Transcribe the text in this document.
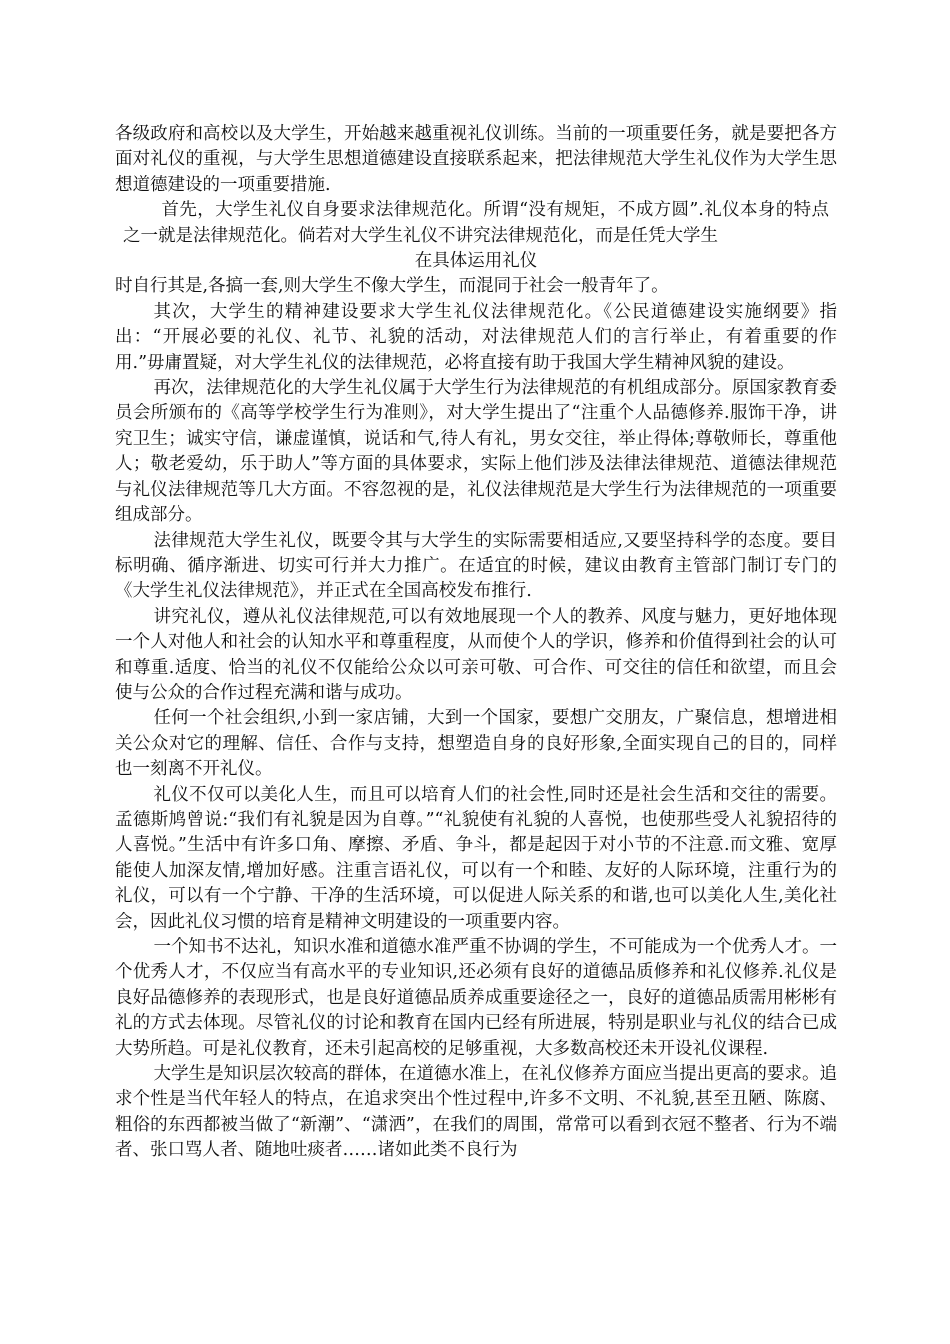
各级政府和高校以及大学生，开始越来越重视礼仪训练。当前的一项重要任务，就是要把各方面对礼仪的重视，与大学生思想道德建设直接联系起来，把法律规范大学生礼仪作为大学生思想道德建设的一项重要措施.

首先，大学生礼仪自身要求法律规范化。所谓“没有规矩，不成方圆”.礼仪本身的特点之一就是法律规范化。倘若对大学生礼仪不讲究法律规范化，而是任凭大学生

在具体运用礼仪

时自行其是,各搞一套,则大学生不像大学生，而混同于社会一般青年了。

其次，大学生的精神建设要求大学生礼仪法律规范化。《公民道德建设实施纲要》指出：“开展必要的礼仪、礼节、礼貌的活动，对法律规范人们的言行举止，有着重要的作用.”毋庸置疑，对大学生礼仪的法律规范，必将直接有助于我国大学生精神风貌的建设。

再次，法律规范化的大学生礼仪属于大学生行为法律规范的有机组成部分。原国家教育委员会所颁布的《高等学校学生行为准则》，对大学生提出了“注重个人品德修养.服饰干净，讲究卫生；诚实守信，谦虚谨慎，说话和气,待人有礼，男女交往，举止得体;尊敬师长，尊重他人；敬老爱幼，乐于助人”等方面的具体要求，实际上他们涉及法律法律规范、道德法律规范与礼仪法律规范等几大方面。不容忽视的是，礼仪法律规范是大学生行为法律规范的一项重要组成部分。

法律规范大学生礼仪，既要令其与大学生的实际需要相适应,又要坚持科学的态度。要目标明确、循序渐进、切实可行并大力推广。在适宜的时候，建议由教育主管部门制订专门的《大学生礼仪法律规范》，并正式在全国高校发布推行.

讲究礼仪，遵从礼仪法律规范,可以有效地展现一个人的教养、风度与魅力，更好地体现一个人对他人和社会的认知水平和尊重程度，从而使个人的学识，修养和价值得到社会的认可和尊重.适度、恰当的礼仪不仅能给公众以可亲可敬、可合作、可交往的信任和欲望，而且会使与公众的合作过程充满和谐与成功。

任何一个社会组织,小到一家店铺，大到一个国家，要想广交朋友，广聚信息，想增进相关公众对它的理解、信任、合作与支持，想塑造自身的良好形象,全面实现自己的目的，同样也一刻离不开礼仪。

礼仪不仅可以美化人生，而且可以培育人们的社会性,同时还是社会生活和交往的需要。孟德斯鸠曾说:“我们有礼貌是因为自尊。”“礼貌使有礼貌的人喜悦，也使那些受人礼貌招待的人喜悦。”生活中有许多口角、摩擦、矛盾、争斗，都是起因于对小节的不注意.而文雅、宽厚能使人加深友情,增加好感。注重言语礼仪，可以有一个和睦、友好的人际环境，注重行为的礼仪，可以有一个宁静、干净的生活环境，可以促进人际关系的和谐,也可以美化人生,美化社会，因此礼仪习惯的培育是精神文明建设的一项重要内容。

一个知书不达礼，知识水准和道德水准严重不协调的学生，不可能成为一个优秀人才。一个优秀人才，不仅应当有高水平的专业知识,还必须有良好的道德品质修养和礼仪修养.礼仪是良好品德修养的表现形式，也是良好道德品质养成重要途径之一，良好的道德品质需用彬彬有礼的方式去体现。尽管礼仪的讨论和教育在国内已经有所进展，特别是职业与礼仪的结合已成大势所趋。可是礼仪教育，还未引起高校的足够重视，大多数高校还未开设礼仪课程.

大学生是知识层次较高的群体，在道德水准上，在礼仪修养方面应当提出更高的要求。追求个性是当代年轻人的特点，在追求突出个性过程中,许多不文明、不礼貌,甚至丑陋、陈腐、粗俗的东西都被当做了“新潮”、“潇洒”，在我们的周围，常常可以看到衣冠不整者、行为不端者、张口骂人者、随地吐痰者……诸如此类不良行为
